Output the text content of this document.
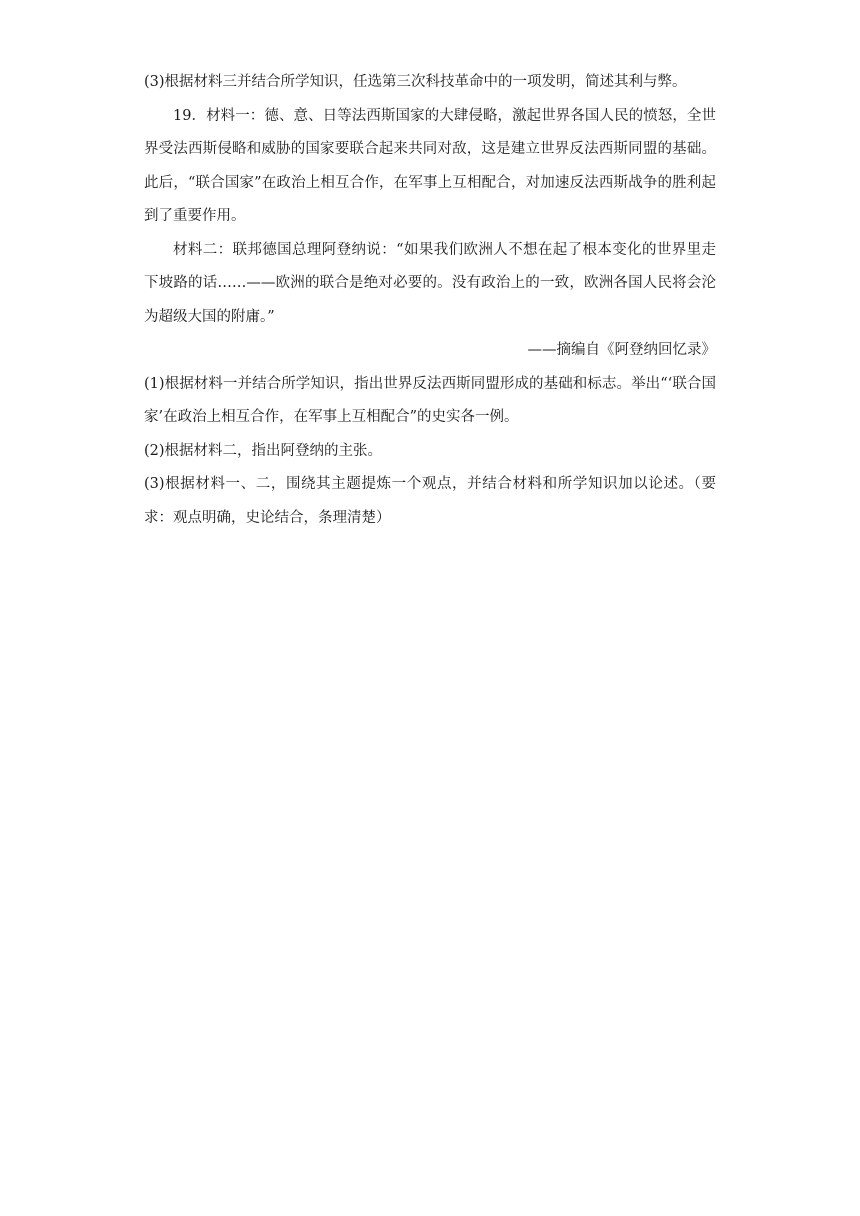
(3)根据材料三并结合所学知识，任选第三次科技革命中的一项发明，简述其利与弊。

19．材料一：德、意、日等法西斯国家的大肆侵略，激起世界各国人民的愤怒，全世界受法西斯侵略和威胁的国家要联合起来共同对敌，这是建立世界反法西斯同盟的基础。此后，“联合国家”在政治上相互合作，在军事上互相配合，对加速反法西斯战争的胜利起到了重要作用。

材料二：联邦德国总理阿登纳说：“如果我们欧洲人不想在起了根本变化的世界里走下坡路的话……——欧洲的联合是绝对必要的。没有政治上的一致，欧洲各国人民将会沦为超级大国的附庸。”

——摘编自《阿登纳回忆录》

(1)根据材料一并结合所学知识，指出世界反法西斯同盟形成的基础和标志。举出“‘联合国家’在政治上相互合作，在军事上互相配合”的史实各一例。

(2)根据材料二，指出阿登纳的主张。

(3)根据材料一、二，围绕其主题提炼一个观点，并结合材料和所学知识加以论述。（要求：观点明确，史论结合，条理清楚）
